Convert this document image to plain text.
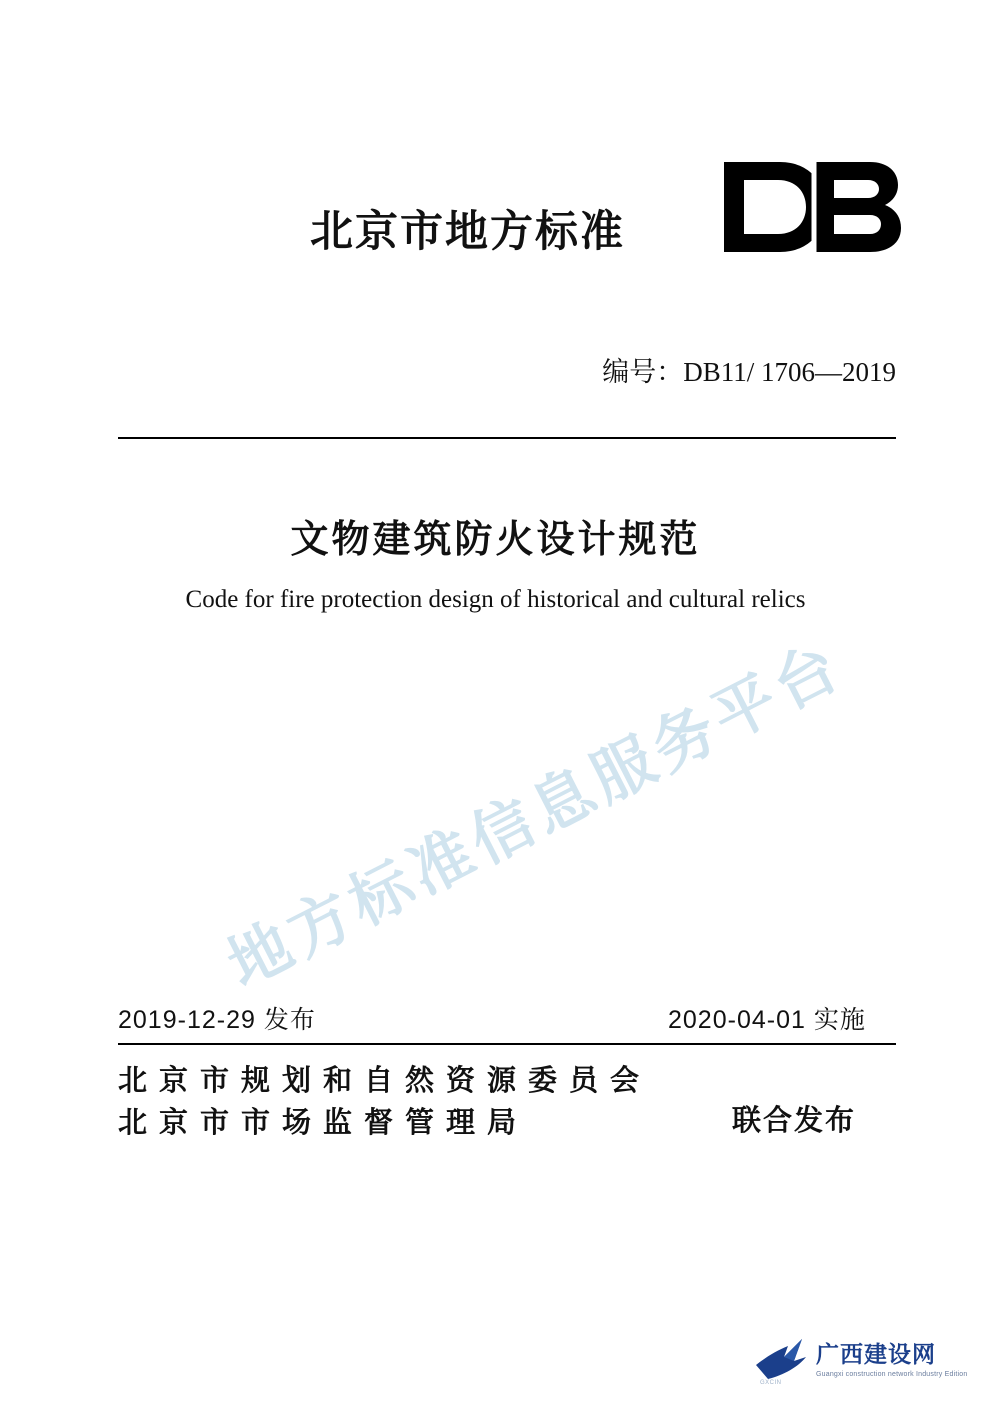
北京市地方标准
编号：DB11/ 1706—2019
文物建筑防火设计规范
Code for fire protection design of historical and cultural relics
地方标准信息服务平台
2019-12-29 发布	2020-04-01 实施
北京市规划和自然资源委员会
北京市市场监督管理局	联合发布
GXCIN
广西建设网
Guangxi construction network Industry Edition
